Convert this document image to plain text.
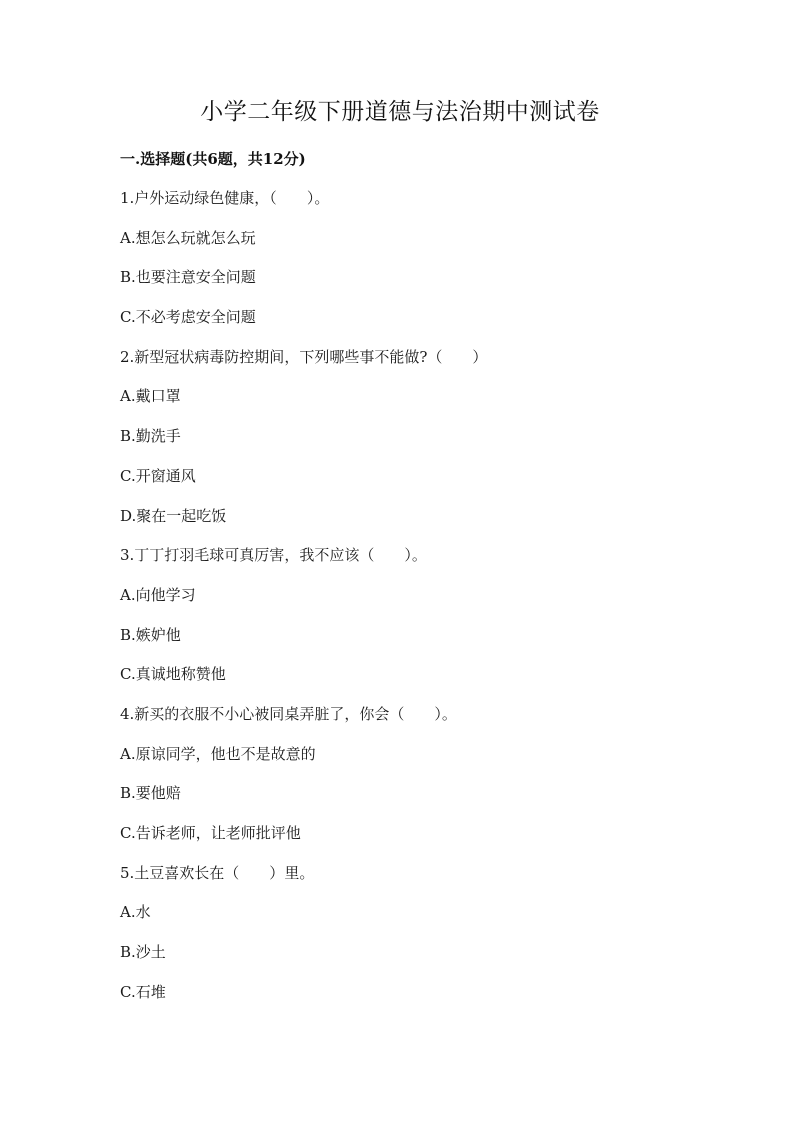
小学二年级下册道德与法治期中测试卷
一.选择题(共6题，共12分)
1.户外运动绿色健康，（　　）。
A.想怎么玩就怎么玩
B.也要注意安全问题
C.不必考虑安全问题
2.新型冠状病毒防控期间，下列哪些事不能做?（　　）
A.戴口罩
B.勤洗手
C.开窗通风
D.聚在一起吃饭
3.丁丁打羽毛球可真厉害，我不应该（　　）。
A.向他学习
B.嫉妒他
C.真诚地称赞他
4.新买的衣服不小心被同桌弄脏了，你会（　　）。
A.原谅同学，他也不是故意的
B.要他赔
C.告诉老师，让老师批评他
5.土豆喜欢长在（　　）里。
A.水
B.沙土
C.石堆
